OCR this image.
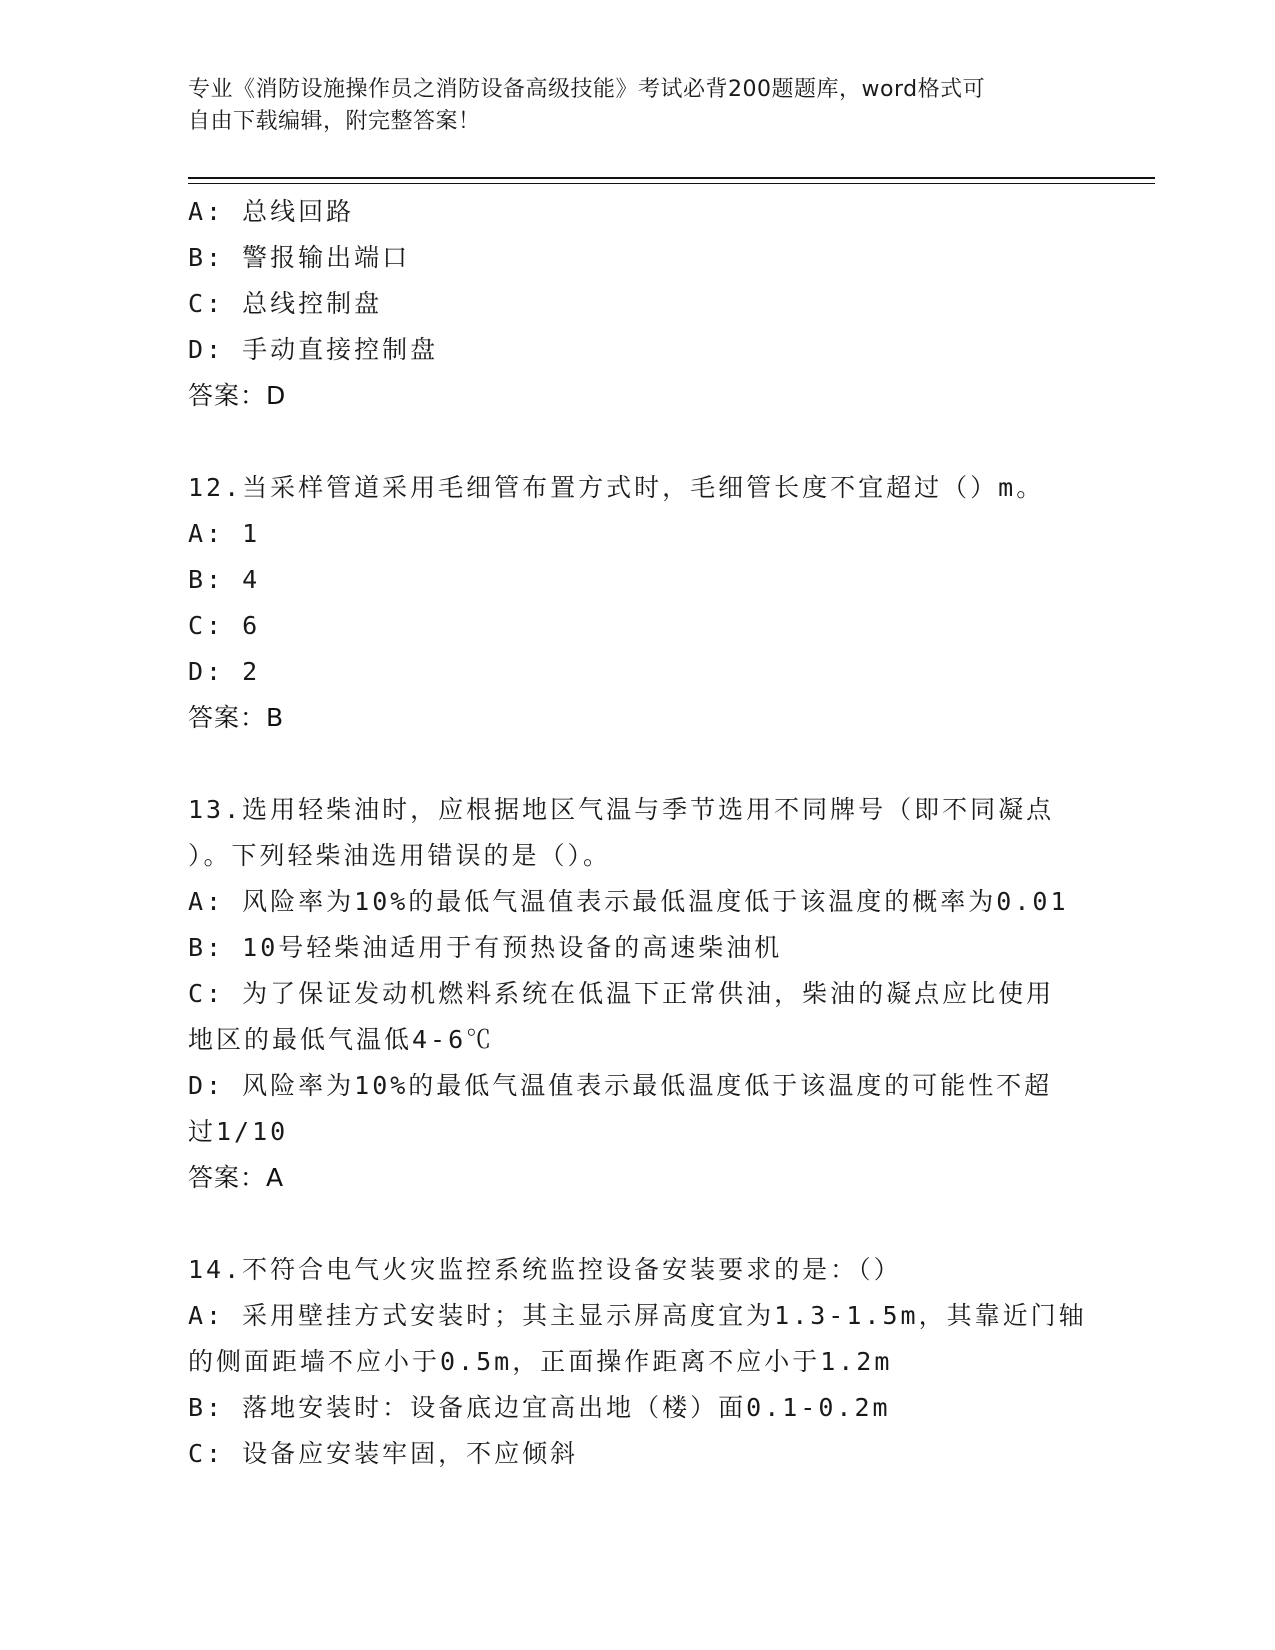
专业《消防设施操作员之消防设备高级技能》考试必背200题题库，word格式可
自由下载编辑，附完整答案！
A: 总线回路
B: 警报输出端口
C: 总线控制盘
D: 手动直接控制盘
答案：D
12.当采样管道采用毛细管布置方式时，毛细管长度不宜超过（）m。
A: 1
B: 4
C: 6
D: 2
答案：B
13.选用轻柴油时，应根据地区气温与季节选用不同牌号（即不同凝点
）。下列轻柴油选用错误的是（）。
A: 风险率为10%的最低气温值表示最低温度低于该温度的概率为0.01
B: 10号轻柴油适用于有预热设备的高速柴油机
C: 为了保证发动机燃料系统在低温下正常供油，柴油的凝点应比使用
地区的最低气温低4-6℃
D: 风险率为10%的最低气温值表示最低温度低于该温度的可能性不超
过1/10
答案：A
14.不符合电气火灾监控系统监控设备安装要求的是：（）
A: 采用壁挂方式安装时；其主显示屏高度宜为1.3-1.5m，其靠近门轴
的侧面距墙不应小于0.5m，正面操作距离不应小于1.2m
B: 落地安装时：设备底边宜高出地（楼）面0.1-0.2m
C: 设备应安装牢固，不应倾斜
